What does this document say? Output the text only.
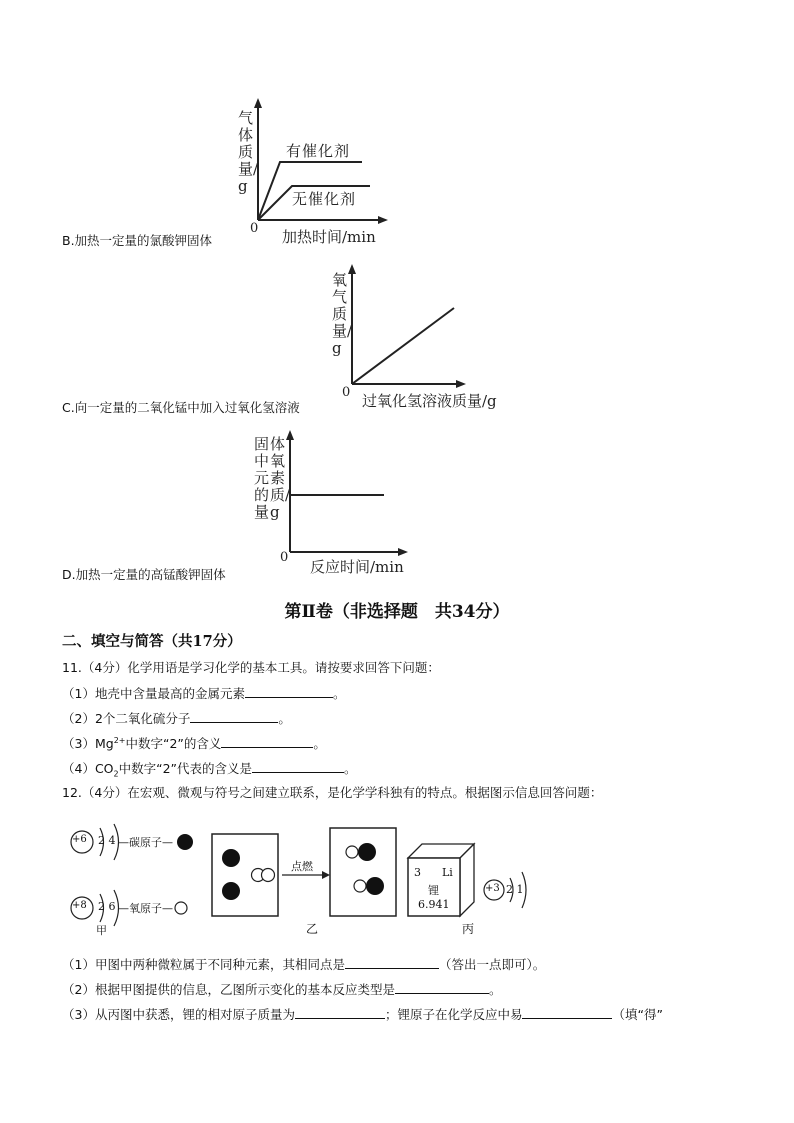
气体质量/g
0
有催化剂
无催化剂
加热时间/min
B.加热一定量的氯酸钾固体
氧气质量/g
0 过氧化氢溶液质量/g
C.向一定量的二氧化锰中加入过氧化氢溶液
固中元的量
体氧素质/g
0
反应时间/min
D.加热一定量的高锰酸钾固体
第Ⅱ卷（非选择题　共34分）
二、填空与简答（共17分）
11.（4分）化学用语是学习化学的基本工具。请按要求回答下问题：
（1）地壳中含量最高的金属元素	。
（2）2个二氧化硫分子	。
$(3)Mg^{2+}$中数字“2”的含义	。
$(4)CO_2$中数字“2”代表的含义是	。
12.（4分）在宏观、微观与符号之间建立联系，是化学学科独有的特点。根据图示信息回答问题：
+6 2 4 —碳原子—
+8 2 6 —氧原子—
甲
点燃
乙
3 Li
锂
6.941
+3 2 1
丙
（1）甲图中两种微粒属于不同种元素，其相同点是	（答出一点即可）。
（2）根据甲图提供的信息，乙图所示变化的基本反应类型是	。
（3）从丙图中获悉，锂的相对原子质量为	；锂原子在化学反应中易	（填“得”
